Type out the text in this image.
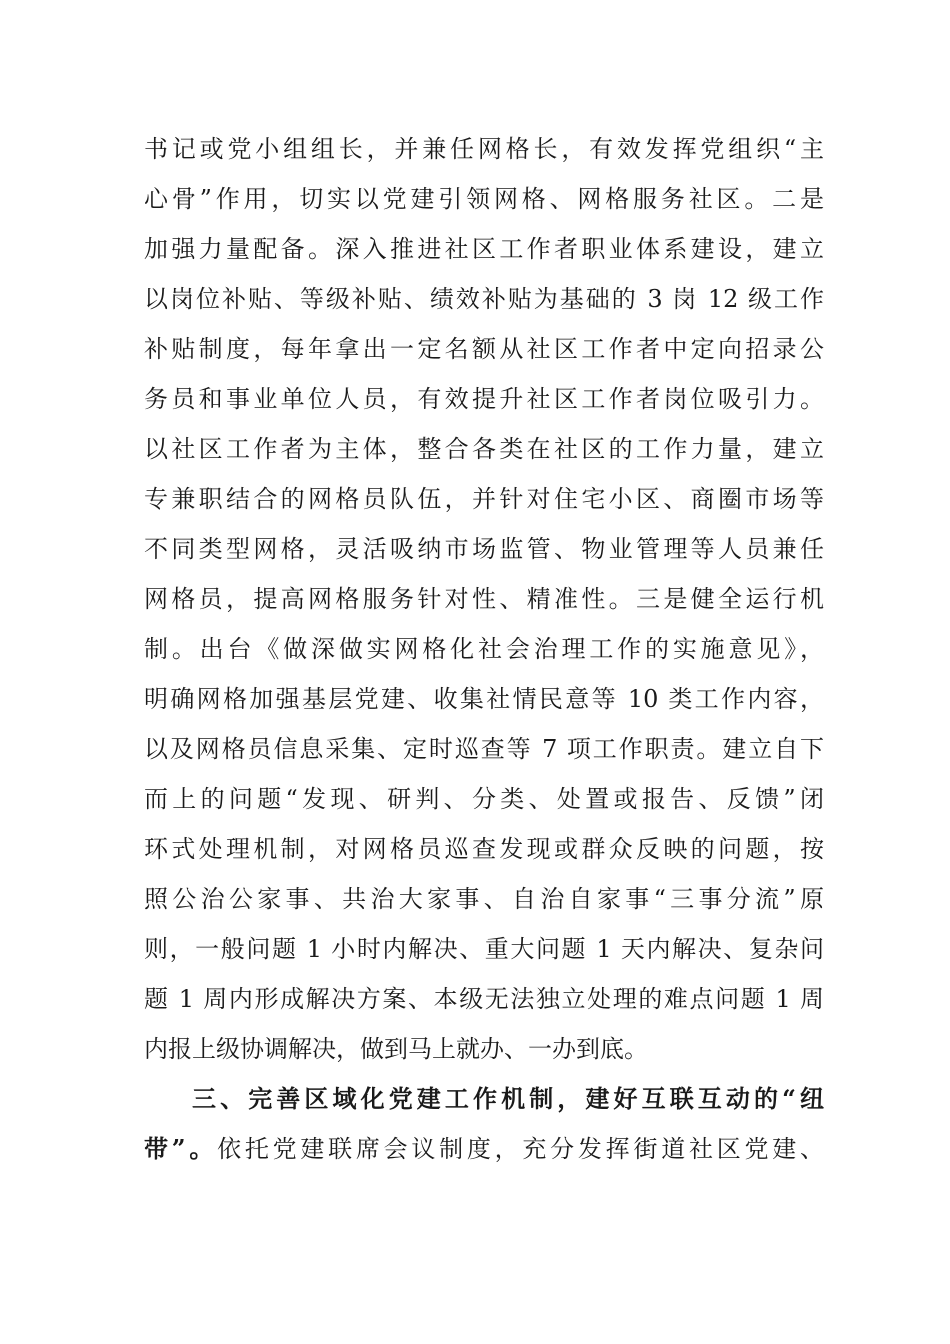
书记或党小组组长，并兼任网格长，有效发挥党组织“主
心骨”作用，切实以党建引领网格、网格服务社区。二是
加强力量配备。深入推进社区工作者职业体系建设，建立
以岗位补贴、等级补贴、绩效补贴为基础的 3 岗 12 级工作
补贴制度，每年拿出一定名额从社区工作者中定向招录公
务员和事业单位人员，有效提升社区工作者岗位吸引力。
以社区工作者为主体，整合各类在社区的工作力量，建立
专兼职结合的网格员队伍，并针对住宅小区、商圈市场等
不同类型网格，灵活吸纳市场监管、物业管理等人员兼任
网格员，提高网格服务针对性、精准性。三是健全运行机
制。出台《做深做实网格化社会治理工作的实施意见》，
明确网格加强基层党建、收集社情民意等 10 类工作内容，
以及网格员信息采集、定时巡查等 7 项工作职责。建立自下
而上的问题“发现、研判、分类、处置或报告、反馈”闭
环式处理机制，对网格员巡查发现或群众反映的问题，按
照公治公家事、共治大家事、自治自家事“三事分流”原
则，一般问题 1 小时内解决、重大问题 1 天内解决、复杂问
题 1 周内形成解决方案、本级无法独立处理的难点问题 1 周
内报上级协调解决，做到马上就办、一办到底。
三、完善区域化党建工作机制，建好互联互动的“纽
带”。依托党建联席会议制度，充分发挥街道社区党建、
